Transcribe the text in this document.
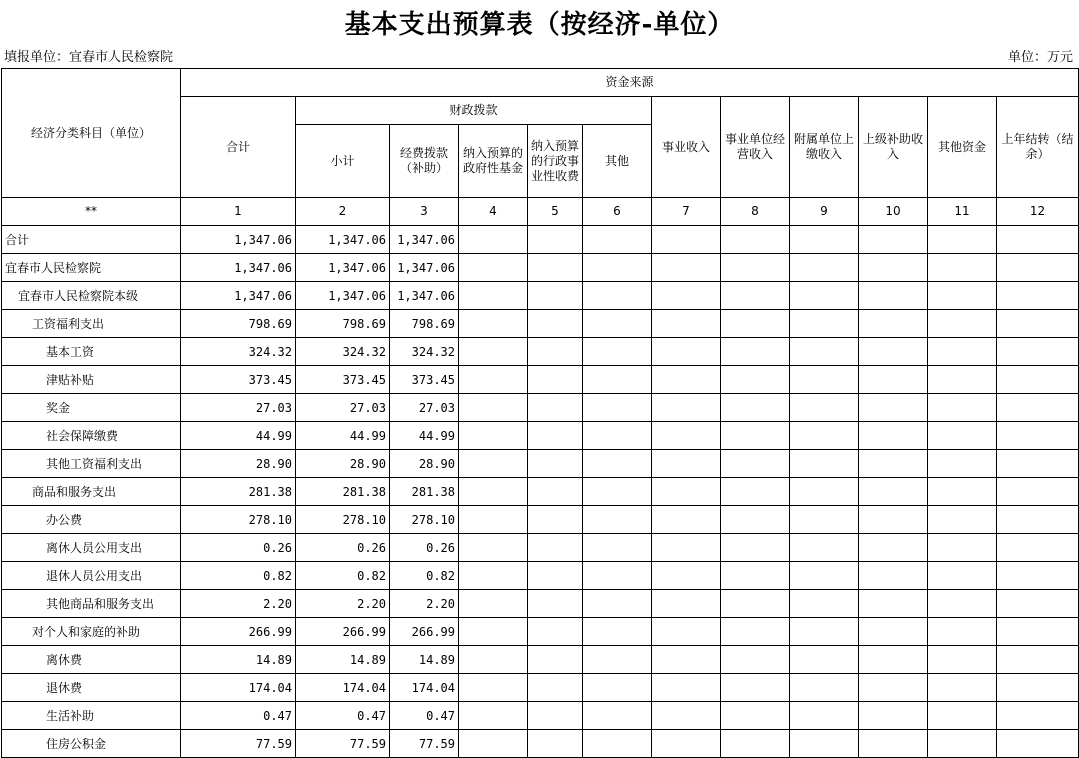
基本支出预算表（按经济-单位）
填报单位：宜春市人民检察院	单位：万元
经济分类科目（单位）	资金来源											
	合计	财政拨款					事业收入	事业单位经营收入	附属单位上缴收入	上级补助收入	其他资金	上年结转（结余）
		小计	经费拨款（补助）	纳入预算的政府性基金	纳入预算的行政事业性收费	其他						
**	1	2	3	4	5	6	7	8	9	10	11	12
合计	1,347.06	1,347.06	1,347.06									
宜春市人民检察院	1,347.06	1,347.06	1,347.06									
宜春市人民检察院本级	1,347.06	1,347.06	1,347.06									
工资福利支出	798.69	798.69	798.69									
基本工资	324.32	324.32	324.32									
津贴补贴	373.45	373.45	373.45									
奖金	27.03	27.03	27.03									
社会保障缴费	44.99	44.99	44.99									
其他工资福利支出	28.90	28.90	28.90									
商品和服务支出	281.38	281.38	281.38									
办公费	278.10	278.10	278.10									
离休人员公用支出	0.26	0.26	0.26									
退休人员公用支出	0.82	0.82	0.82									
其他商品和服务支出	2.20	2.20	2.20									
对个人和家庭的补助	266.99	266.99	266.99									
离休费	14.89	14.89	14.89									
退休费	174.04	174.04	174.04									
生活补助	0.47	0.47	0.47									
住房公积金	77.59	77.59	77.59									
